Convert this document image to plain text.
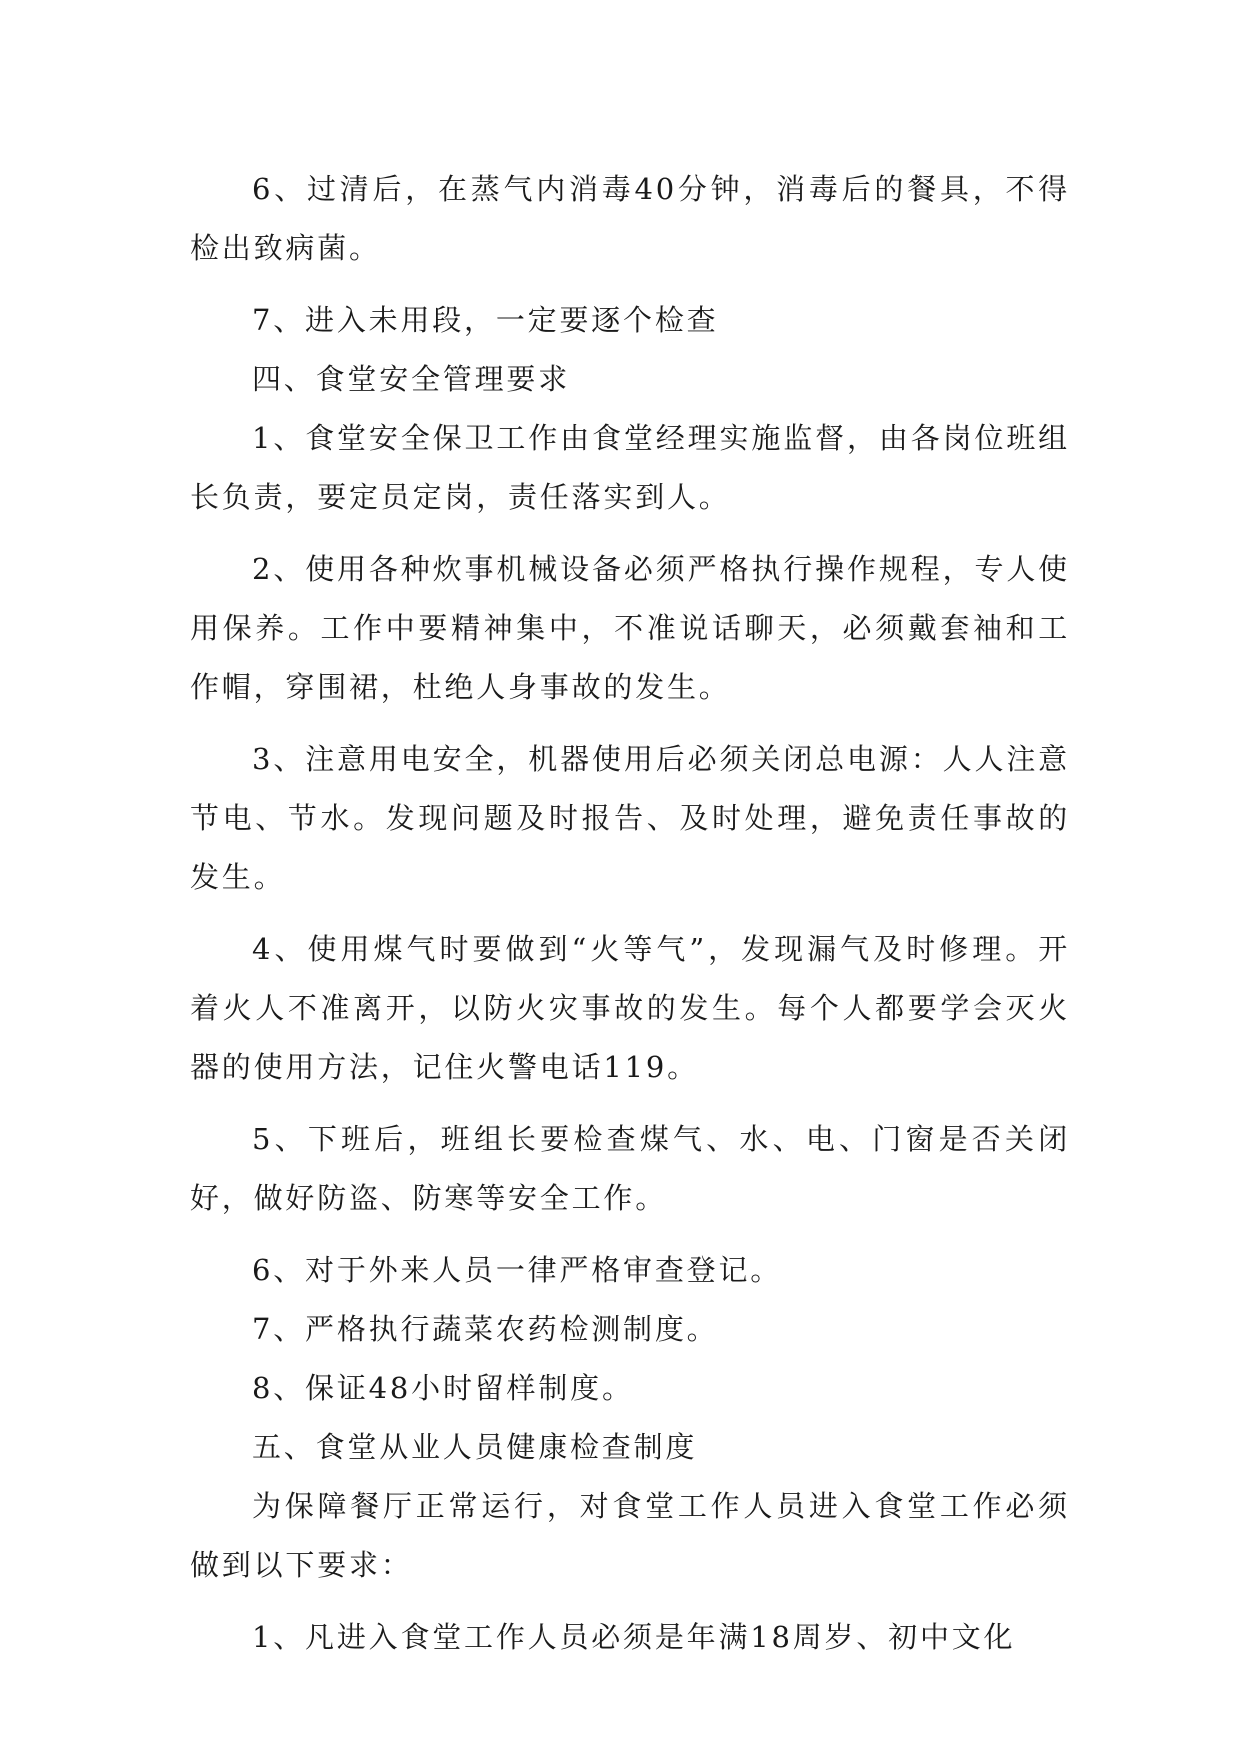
6、过清后，在蒸气内消毒40分钟，消毒后的餐具，不得检出致病菌。

7、进入未用段，一定要逐个检查

四、食堂安全管理要求

1、食堂安全保卫工作由食堂经理实施监督，由各岗位班组长负责，要定员定岗，责任落实到人。

2、使用各种炊事机械设备必须严格执行操作规程，专人使用保养。工作中要精神集中，不准说话聊天，必须戴套袖和工作帽，穿围裙，杜绝人身事故的发生。

3、注意用电安全，机器使用后必须关闭总电源：人人注意节电、节水。发现问题及时报告、及时处理，避免责任事故的发生。

4、使用煤气时要做到“火等气”，发现漏气及时修理。开着火人不准离开，以防火灾事故的发生。每个人都要学会灭火器的使用方法，记住火警电话119。

5、下班后，班组长要检查煤气、水、电、门窗是否关闭好，做好防盗、防寒等安全工作。

6、对于外来人员一律严格审查登记。

7、严格执行蔬菜农药检测制度。

8、保证48小时留样制度。

五、食堂从业人员健康检查制度

为保障餐厅正常运行，对食堂工作人员进入食堂工作必须做到以下要求：

1、凡进入食堂工作人员必须是年满18周岁、初中文化
